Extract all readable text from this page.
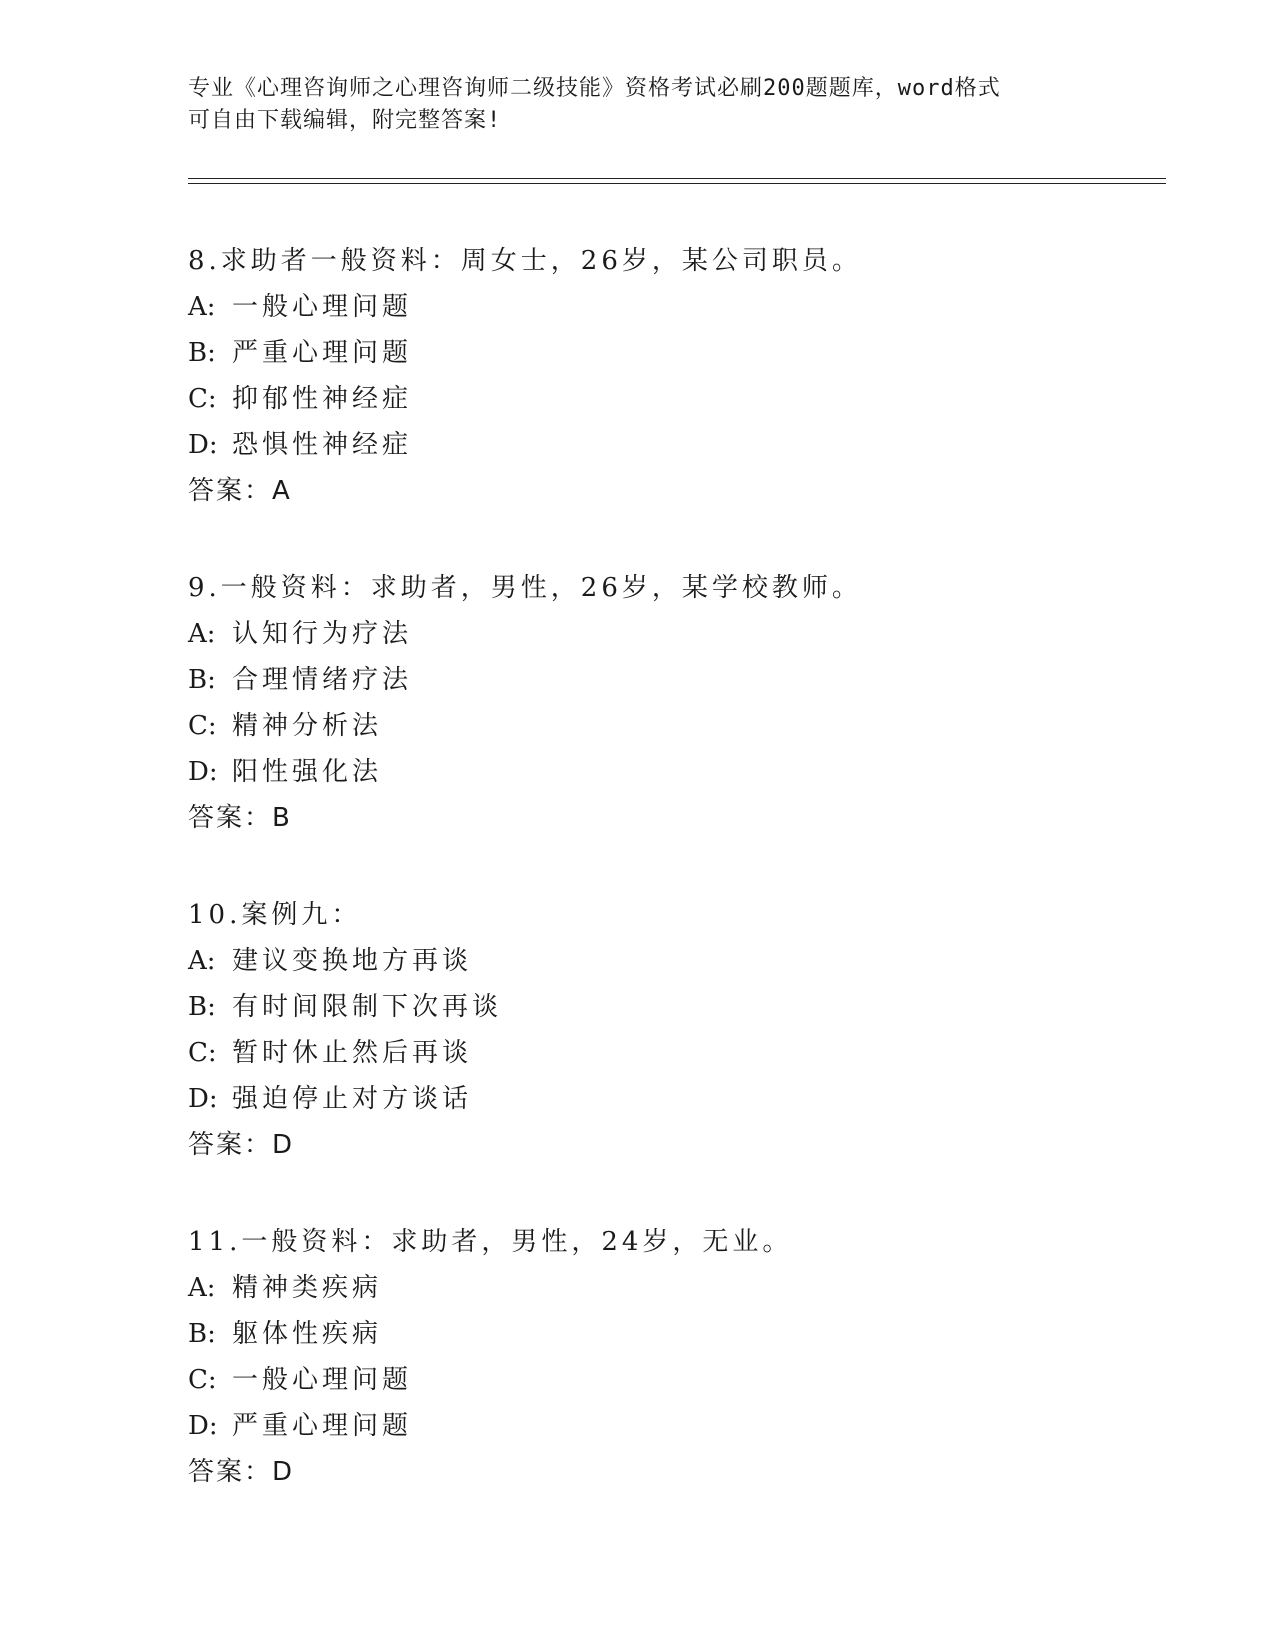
专业《心理咨询师之心理咨询师二级技能》资格考试必刷200题题库，word格式
可自由下载编辑，附完整答案!
8.求助者一般资料：周女士，26岁，某公司职员。
A: 一般心理问题
B: 严重心理问题
C: 抑郁性神经症
D: 恐惧性神经症
答案：A
9.一般资料：求助者，男性，26岁，某学校教师。
A: 认知行为疗法
B: 合理情绪疗法
C: 精神分析法
D: 阳性强化法
答案：B
10.案例九：
A: 建议变换地方再谈
B: 有时间限制下次再谈
C: 暂时休止然后再谈
D: 强迫停止对方谈话
答案：D
11.一般资料：求助者，男性，24岁，无业。
A: 精神类疾病
B: 躯体性疾病
C: 一般心理问题
D: 严重心理问题
答案：D
